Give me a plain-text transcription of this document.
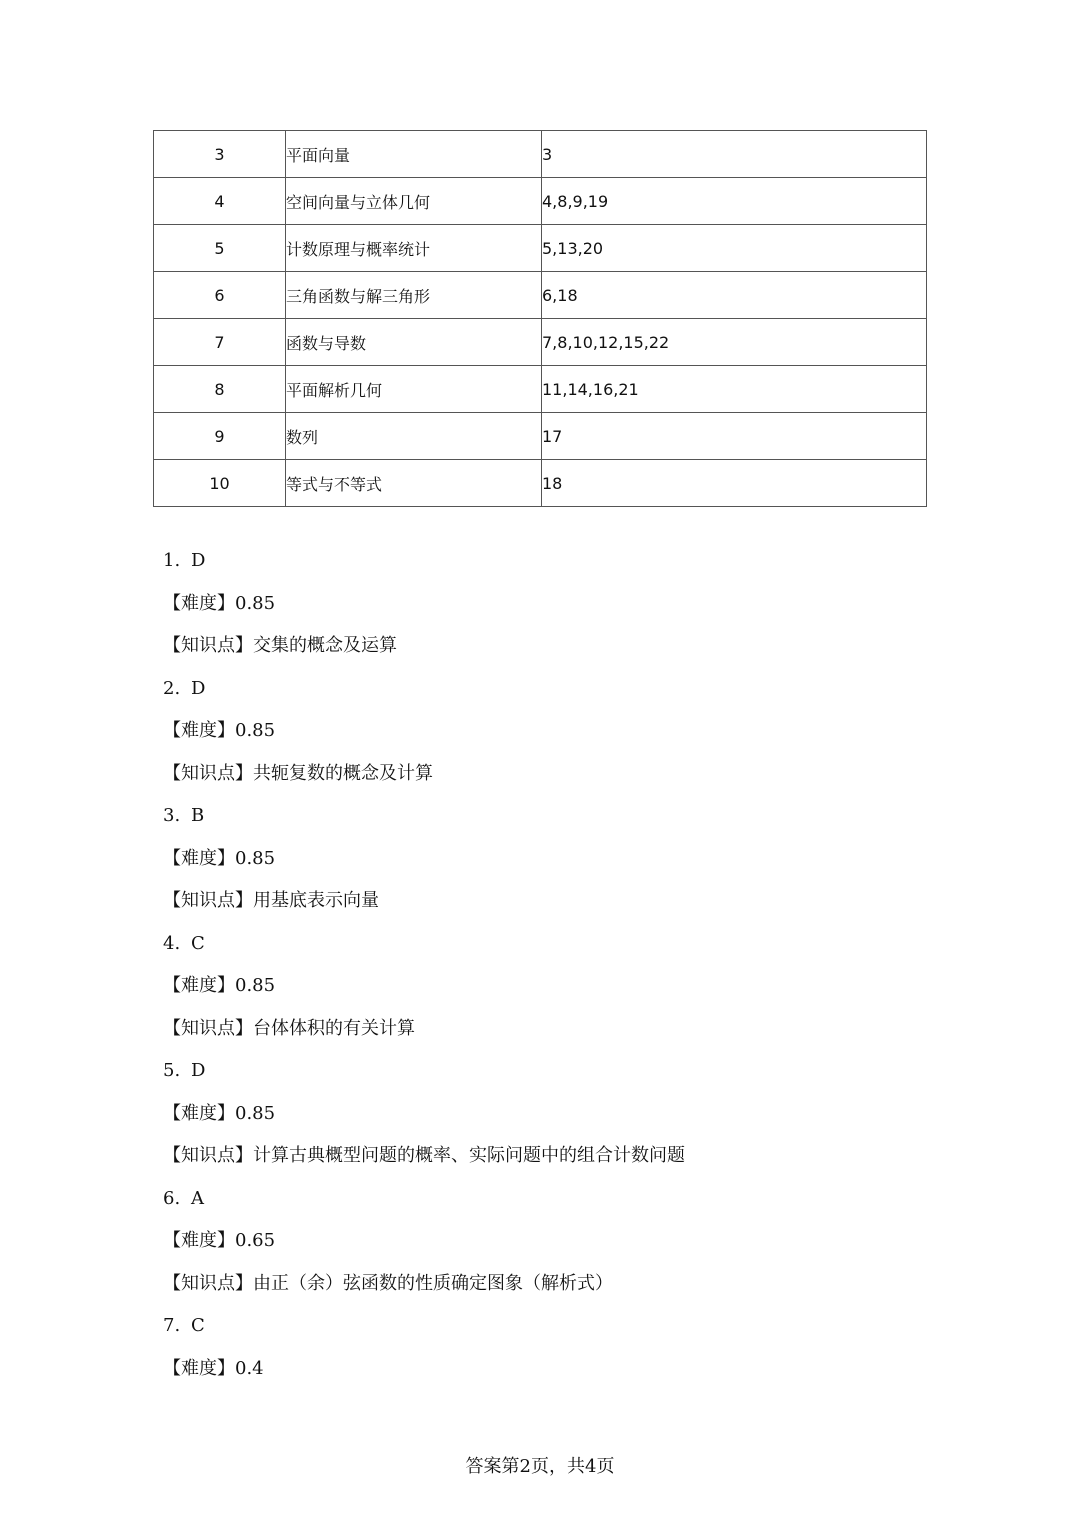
3	平面向量	3
4	空间向量与立体几何	4,8,9,19
5	计数原理与概率统计	5,13,20
6	三角函数与解三角形	6,18
7	函数与导数	7,8,10,12,15,22
8	平面解析几何	11,14,16,21
9	数列	17
10	等式与不等式	18
1. D
【难度】0.85
【知识点】交集的概念及运算
2. D
【难度】0.85
【知识点】共轭复数的概念及计算
3. B
【难度】0.85
【知识点】用基底表示向量
4. C
【难度】0.85
【知识点】台体体积的有关计算
5. D
【难度】0.85
【知识点】计算古典概型问题的概率、实际问题中的组合计数问题
6. A
【难度】0.65
【知识点】由正（余）弦函数的性质确定图象（解析式）
7. C
【难度】0.4
答案第2页，共4页
